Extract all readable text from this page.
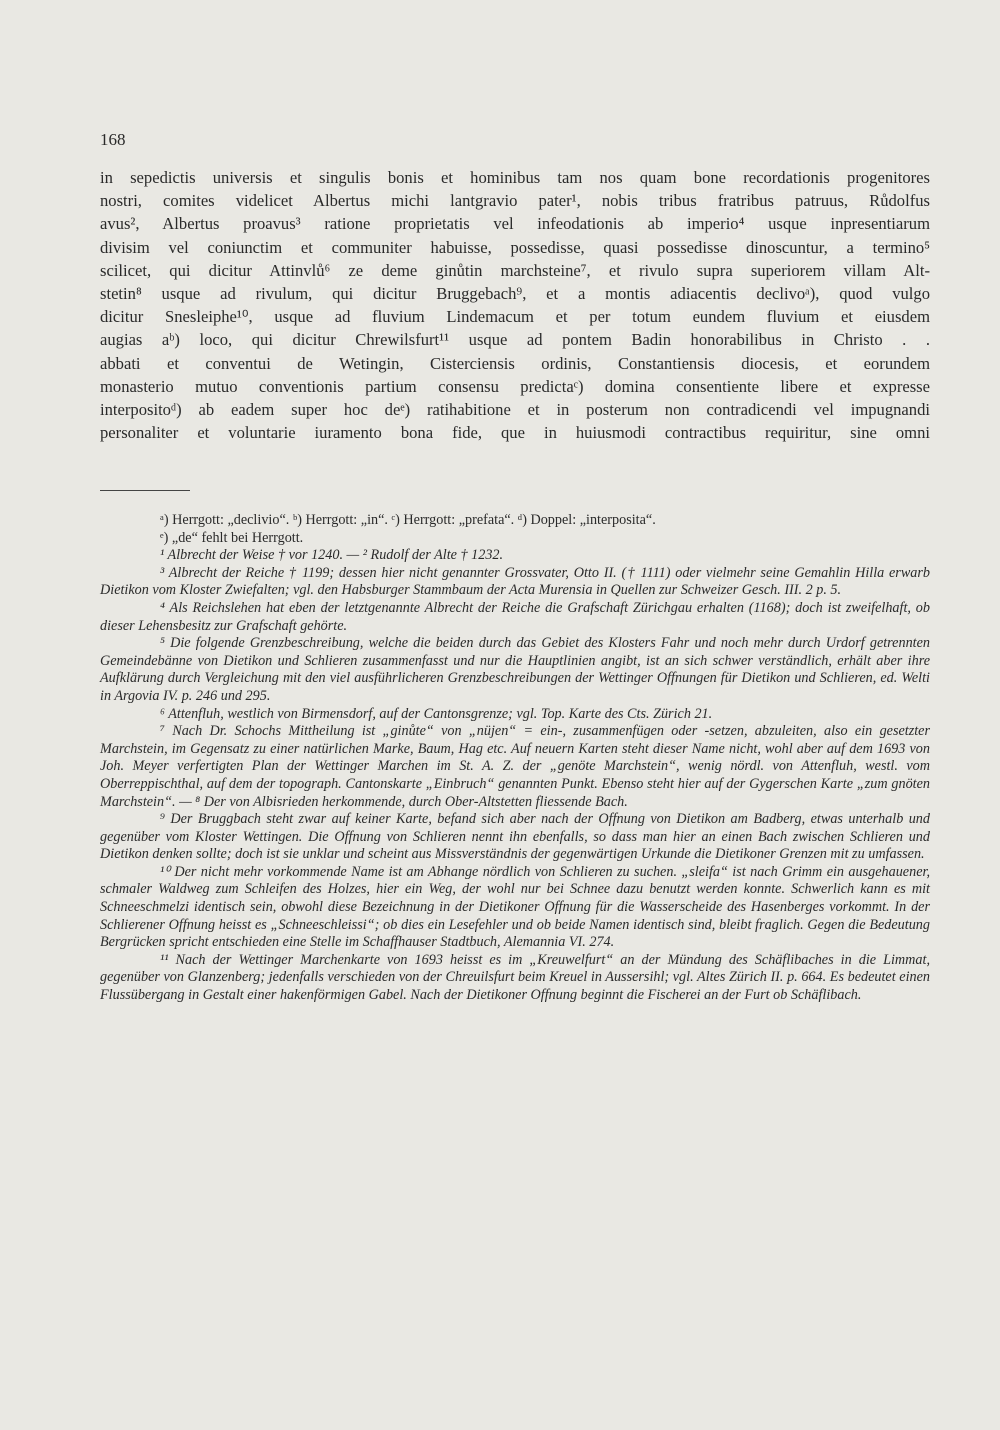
168
in sepedictis universis et singulis bonis et hominibus tam nos quam bone recordationis progenitores
nostri, comites videlicet Albertus michi lantgravio pater¹, nobis tribus fratribus patruus, Růdolfus
avus², Albertus proavus³ ratione proprietatis vel infeodationis ab imperio⁴ usque inpresentiarum
divisim vel coniunctim et communiter habuisse, possedisse, quasi possedisse dinoscuntur, a termino⁵
scilicet, qui dicitur Attinvlů⁶ ze deme ginůtin marchsteine⁷, et rivulo supra superiorem villam Alt-
stetin⁸ usque ad rivulum, qui dicitur Bruggebach⁹, et a montis adiacentis declivoᵃ), quod vulgo
dicitur Snesleiphe¹⁰, usque ad fluvium Lindemacum et per totum eundem fluvium et eiusdem
augias aᵇ) loco, qui dicitur Chrewilsfurt¹¹ usque ad pontem Badin honorabilibus in Christo . .
abbati et conventui de Wetingin, Cisterciensis ordinis, Constantiensis diocesis, et eorundem
monasterio mutuo conventionis partium consensu predictaᶜ) domina consentiente libere et expresse
interpositoᵈ) ab eadem super hoc deᵉ) ratihabitione et in posterum non contradicendi vel impugnandi
personaliter et voluntarie iuramento bona fide, que in huiusmodi contractibus requiritur, sine omni

ᵃ) Herrgott: „declivio“. ᵇ) Herrgott: „in“. ᶜ) Herrgott: „prefata“. ᵈ) Doppel: „interposita“.

ᵉ) „de“ fehlt bei Herrgott.

¹ Albrecht der Weise † vor 1240. — ² Rudolf der Alte † 1232.

³ Albrecht der Reiche † 1199; dessen hier nicht genannter Grossvater, Otto II. († 1111) oder vielmehr seine Gemahlin Hilla erwarb Dietikon vom Kloster Zwiefalten; vgl. den Habsburger Stammbaum der Acta Murensia in Quellen zur Schweizer Gesch. III. 2 p. 5.

⁴ Als Reichslehen hat eben der letztgenannte Albrecht der Reiche die Grafschaft Zürichgau erhalten (1168); doch ist zweifelhaft, ob dieser Lehensbesitz zur Grafschaft gehörte.

⁵ Die folgende Grenzbeschreibung, welche die beiden durch das Gebiet des Klosters Fahr und noch mehr durch Urdorf getrennten Gemeindebänne von Dietikon und Schlieren zusammenfasst und nur die Hauptlinien angibt, ist an sich schwer verständlich, erhält aber ihre Aufklärung durch Vergleichung mit den viel ausführlicheren Grenzbeschreibungen der Wettinger Offnungen für Dietikon und Schlieren, ed. Welti in Argovia IV. p. 246 und 295.

⁶ Attenfluh, westlich von Birmensdorf, auf der Cantonsgrenze; vgl. Top. Karte des Cts. Zürich 21.

⁷ Nach Dr. Schochs Mittheilung ist „ginůte“ von „nüjen“ = ein-, zusammenfügen oder -setzen, abzuleiten, also ein gesetzter Marchstein, im Gegensatz zu einer natürlichen Marke, Baum, Hag etc. Auf neuern Karten steht dieser Name nicht, wohl aber auf dem 1693 von Joh. Meyer verfertigten Plan der Wettinger Marchen im St. A. Z. der „genöte Marchstein“, wenig nördl. von Attenfluh, westl. vom Oberreppischthal, auf dem der topograph. Cantonskarte „Einbruch“ genannten Punkt. Ebenso steht hier auf der Gygerschen Karte „zum gnöten Marchstein“. — ⁸ Der von Albisrieden herkommende, durch Ober-Altstetten fliessende Bach.

⁹ Der Bruggbach steht zwar auf keiner Karte, befand sich aber nach der Offnung von Dietikon am Badberg, etwas unterhalb und gegenüber vom Kloster Wettingen. Die Offnung von Schlieren nennt ihn ebenfalls, so dass man hier an einen Bach zwischen Schlieren und Dietikon denken sollte; doch ist sie unklar und scheint aus Missverständnis der gegenwärtigen Urkunde die Dietikoner Grenzen mit zu umfassen.

¹⁰ Der nicht mehr vorkommende Name ist am Abhange nördlich von Schlieren zu suchen. „sleifa“ ist nach Grimm ein ausgehauener, schmaler Waldweg zum Schleifen des Holzes, hier ein Weg, der wohl nur bei Schnee dazu benutzt werden konnte. Schwerlich kann es mit Schneeschmelzi identisch sein, obwohl diese Bezeichnung in der Dietikoner Offnung für die Wasserscheide des Hasenberges vorkommt. In der Schlierener Offnung heisst es „Schneeschleissi“; ob dies ein Lesefehler und ob beide Namen identisch sind, bleibt fraglich. Gegen die Bedeutung Bergrücken spricht entschieden eine Stelle im Schaffhauser Stadtbuch, Alemannia VI. 274.

¹¹ Nach der Wettinger Marchenkarte von 1693 heisst es im „Kreuwelfurt“ an der Mündung des Schäflibaches in die Limmat, gegenüber von Glanzenberg; jedenfalls verschieden von der Chreuilsfurt beim Kreuel in Aussersihl; vgl. Altes Zürich II. p. 664. Es bedeutet einen Flussübergang in Gestalt einer hakenförmigen Gabel. Nach der Dietikoner Offnung beginnt die Fischerei an der Furt ob Schäflibach.
